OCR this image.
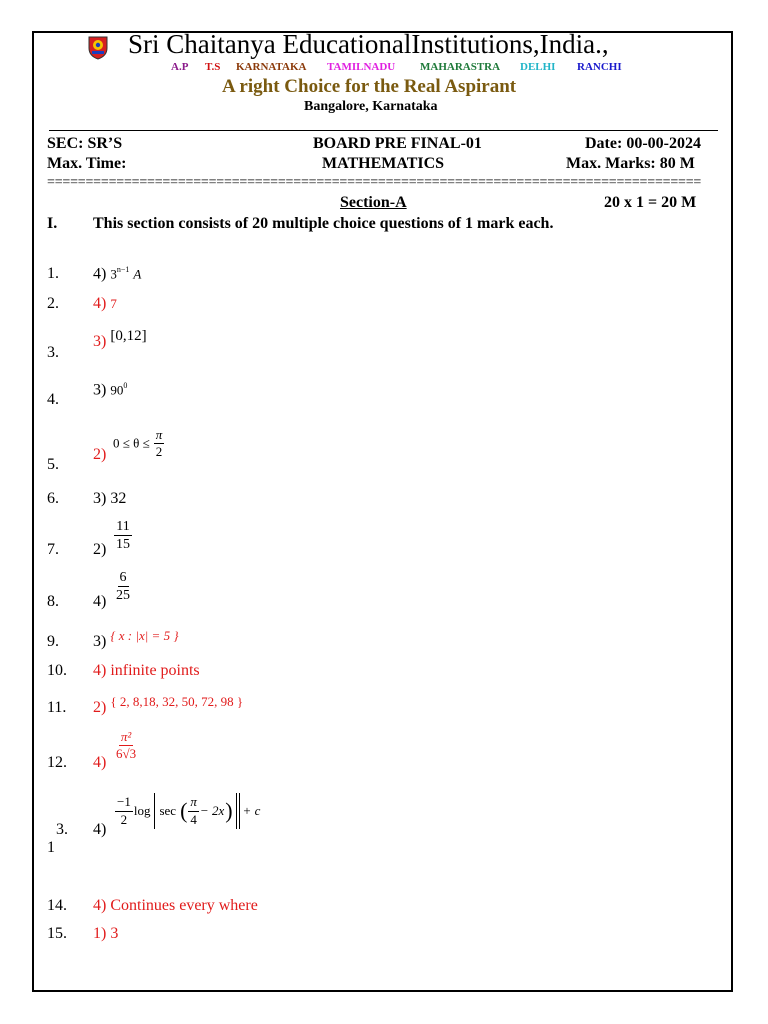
Sri Chaitanya EducationalInstitutions,India.,
A.P T.S KARNATAKA TAMILNADU MAHARASTRA DELHI RANCHI
A right Choice for the Real Aspirant
Bangalore, Karnataka
SEC: SR’S	BOARD PRE FINAL-01	Date: 00-00-2024
Max. Time:	MATHEMATICS	Max. Marks: 80 M
=====================================================================================
Section-A	20 x 1 = 20 M
I. This section consists of 20 multiple choice questions of 1 mark each.
1. 4) $3^{n-1}$ A
2. 4) 7
3.
3) [0,12]
4.
3) $90^0$
5.
2)
$0 \le \theta \le \frac{\pi}{2}$
6. 3) 32
7. $2) \frac{11}{15}$
8. $4) \frac{6}{25}$
9. 3) $^{\{ x : |x| = 5 \}}$
10. 4) infinite points
11. 2) $^{\{ 2, 8,18, 32, 50, 72, 98 \}}$
12. 4)
$\frac{\text{π²}}{6√3}$
3.
1
4)
$\frac{-1}{2}$ log sec ( $\frac{\pi}{4} - 2x$ ) + c
14. 4) Continues every where
15. 1) 3
